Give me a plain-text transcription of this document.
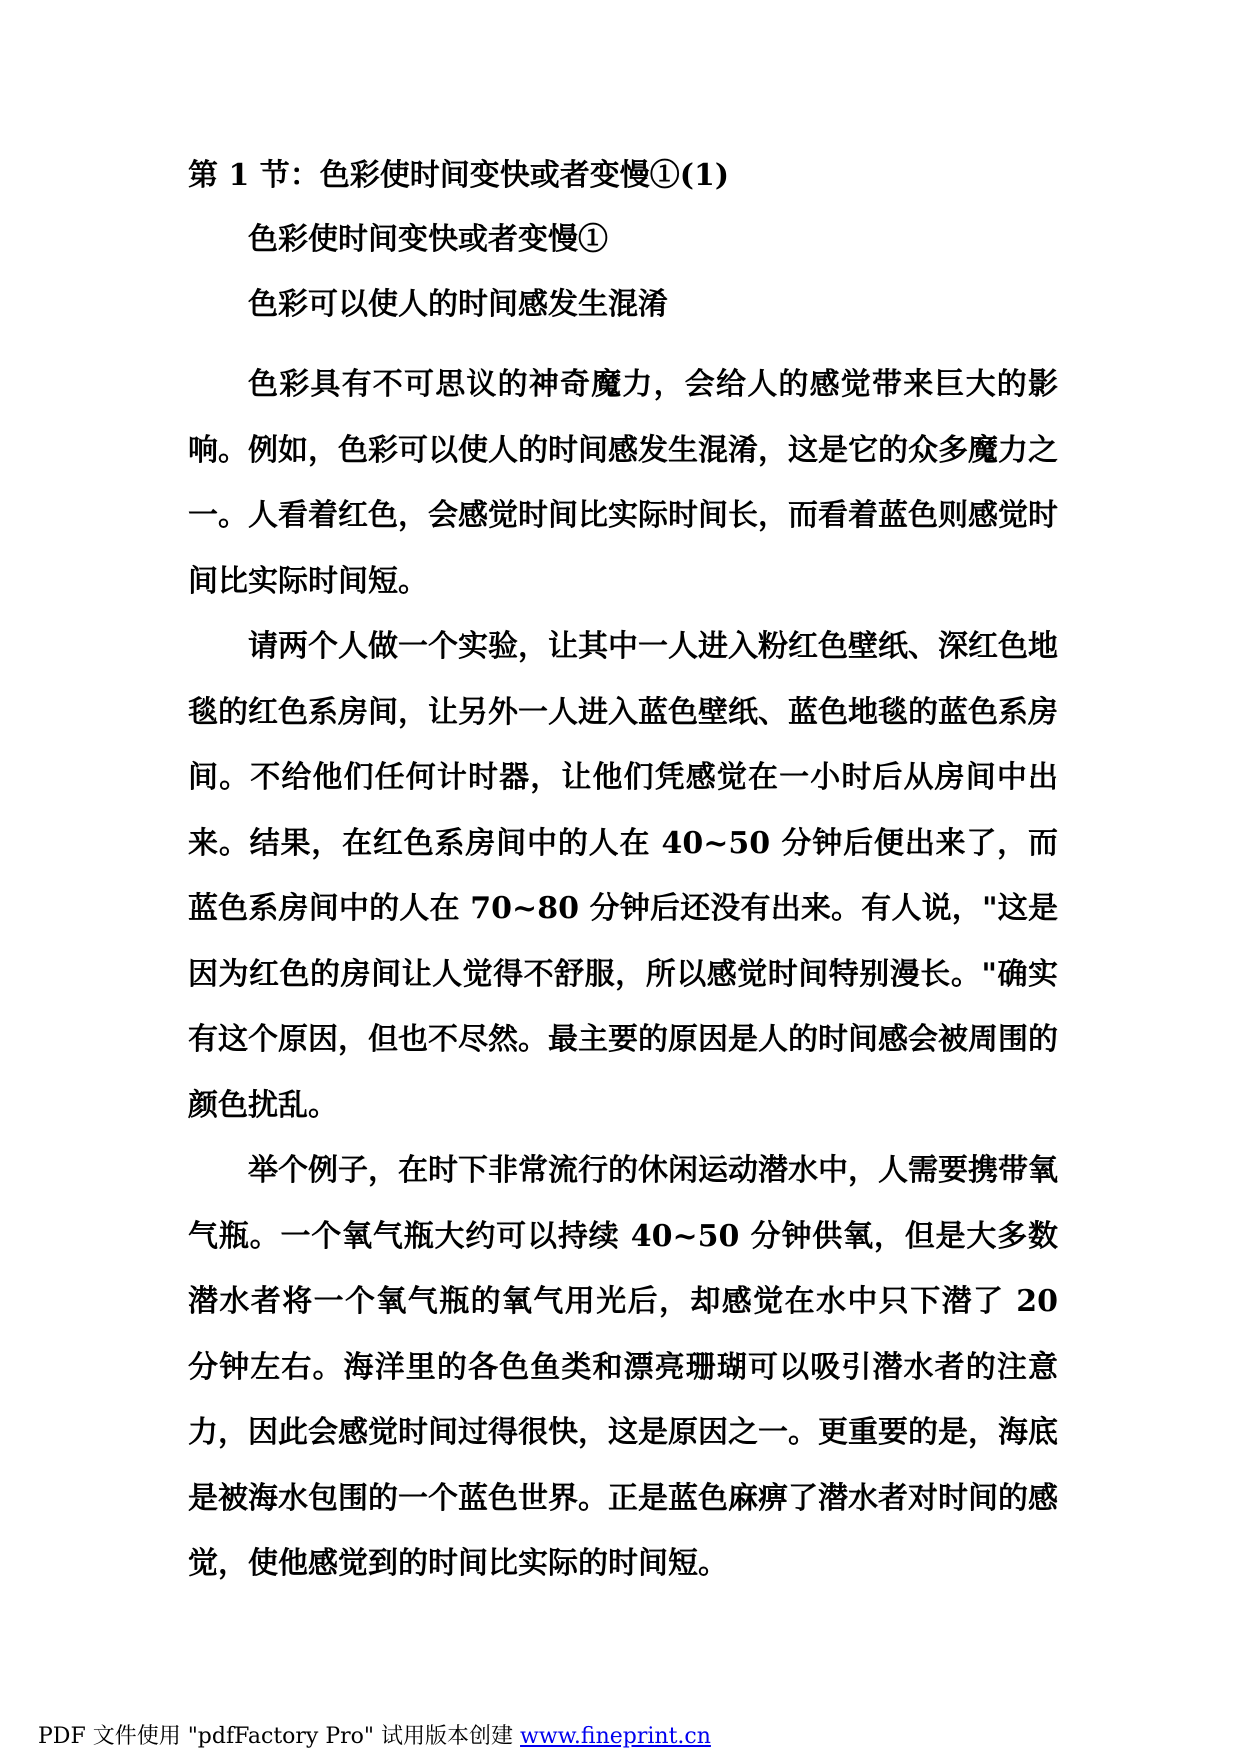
第 1 节：色彩使时间变快或者变慢①(1)

色彩使时间变快或者变慢①

色彩可以使人的时间感发生混淆

色彩具有不可思议的神奇魔力，会给人的感觉带来巨大的影响。例如，色彩可以使人的时间感发生混淆，这是它的众多魔力之一。人看着红色，会感觉时间比实际时间长，而看着蓝色则感觉时间比实际时间短。

请两个人做一个实验，让其中一人进入粉红色壁纸、深红色地毯的红色系房间，让另外一人进入蓝色壁纸、蓝色地毯的蓝色系房间。不给他们任何计时器，让他们凭感觉在一小时后从房间中出来。结果，在红色系房间中的人在 40~50 分钟后便出来了，而蓝色系房间中的人在 70~80 分钟后还没有出来。有人说，"这是因为红色的房间让人觉得不舒服，所以感觉时间特别漫长。"确实有这个原因，但也不尽然。最主要的原因是人的时间感会被周围的颜色扰乱。

举个例子，在时下非常流行的休闲运动潜水中，人需要携带氧气瓶。一个氧气瓶大约可以持续 40~50 分钟供氧，但是大多数潜水者将一个氧气瓶的氧气用光后，却感觉在水中只下潜了 20 分钟左右。海洋里的各色鱼类和漂亮珊瑚可以吸引潜水者的注意力，因此会感觉时间过得很快，这是原因之一。更重要的是，海底是被海水包围的一个蓝色世界。正是蓝色麻痹了潜水者对时间的感觉，使他感觉到的时间比实际的时间短。

PDF 文件使用 "pdfFactory Pro" 试用版本创建 www.fineprint.cn
